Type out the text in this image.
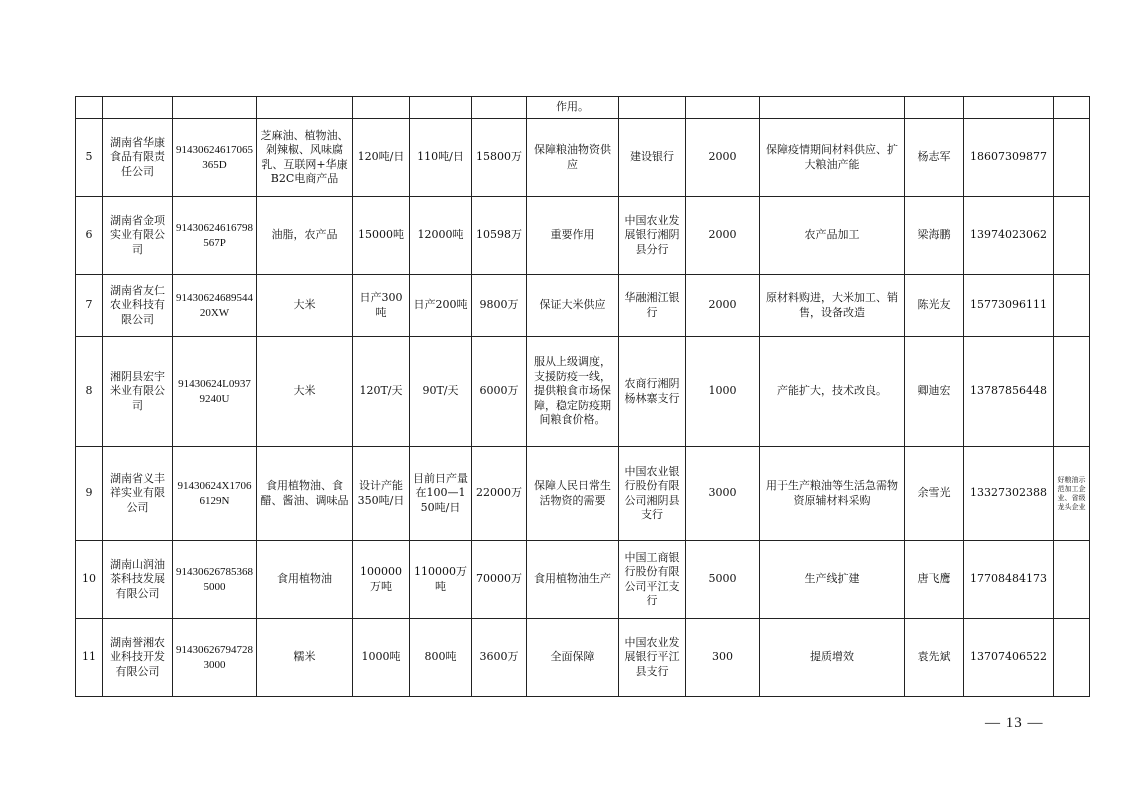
							作用。						
5	湖南省华康食品有限责任公司	91430624617065365D	芝麻油、植物油、剁辣椒、风味腐乳、互联网+华康B2C电商产品	120吨/日	110吨/日	15800万	保障粮油物资供应	建设银行	2000	保障疫情期间材料供应、扩大粮油产能	杨志军	18607309877	
6	湖南省金项实业有限公司	91430624616798567P	油脂，农产品	15000吨	12000吨	10598万	重要作用	中国农业发展银行湘阴县分行	2000	农产品加工	梁海鹏	13974023062	
7	湖南省友仁农业科技有限公司	9143062468954420XW	大米	日产300吨	日产200吨	9800万	保证大米供应	华融湘江银行	2000	原材料购进，大米加工、销售，设备改造	陈光友	15773096111	
8	湘阴县宏宇米业有限公司	91430624L09379240U	大米	120T/天	90T/天	6000万	服从上级调度，支援防疫一线，提供粮食市场保障，稳定防疫期间粮食价格。	农商行湘阴杨林寨支行	1000	产能扩大，技术改良。	卿迪宏	13787856448	
9	湖南省义丰祥实业有限公司	91430624X17066129N	食用植物油、食醋、酱油、调味品	设计产能350吨/日	目前日产量在100—150吨/日	22000万	保障人民日常生活物资的需要	中国农业银行股份有限公司湘阴县支行	3000	用于生产粮油等生活急需物资原辅材料采购	余雪光	13327302388	好粮油示范加工企业、省级龙头企业
10	湖南山润油茶科技发展有限公司	914306267853685000	食用植物油	100000万吨	110000万吨	70000万	食用植物油生产	中国工商银行股份有限公司平江支行	5000	生产线扩建	唐飞鹰	17708484173	
11	湖南誉湘农业科技开发有限公司	914306267947283000	糯米	1000吨	800吨	3600万	全面保障	中国农业发展银行平江县支行	300	提质增效	袁先斌	13707406522	
— 13 —
